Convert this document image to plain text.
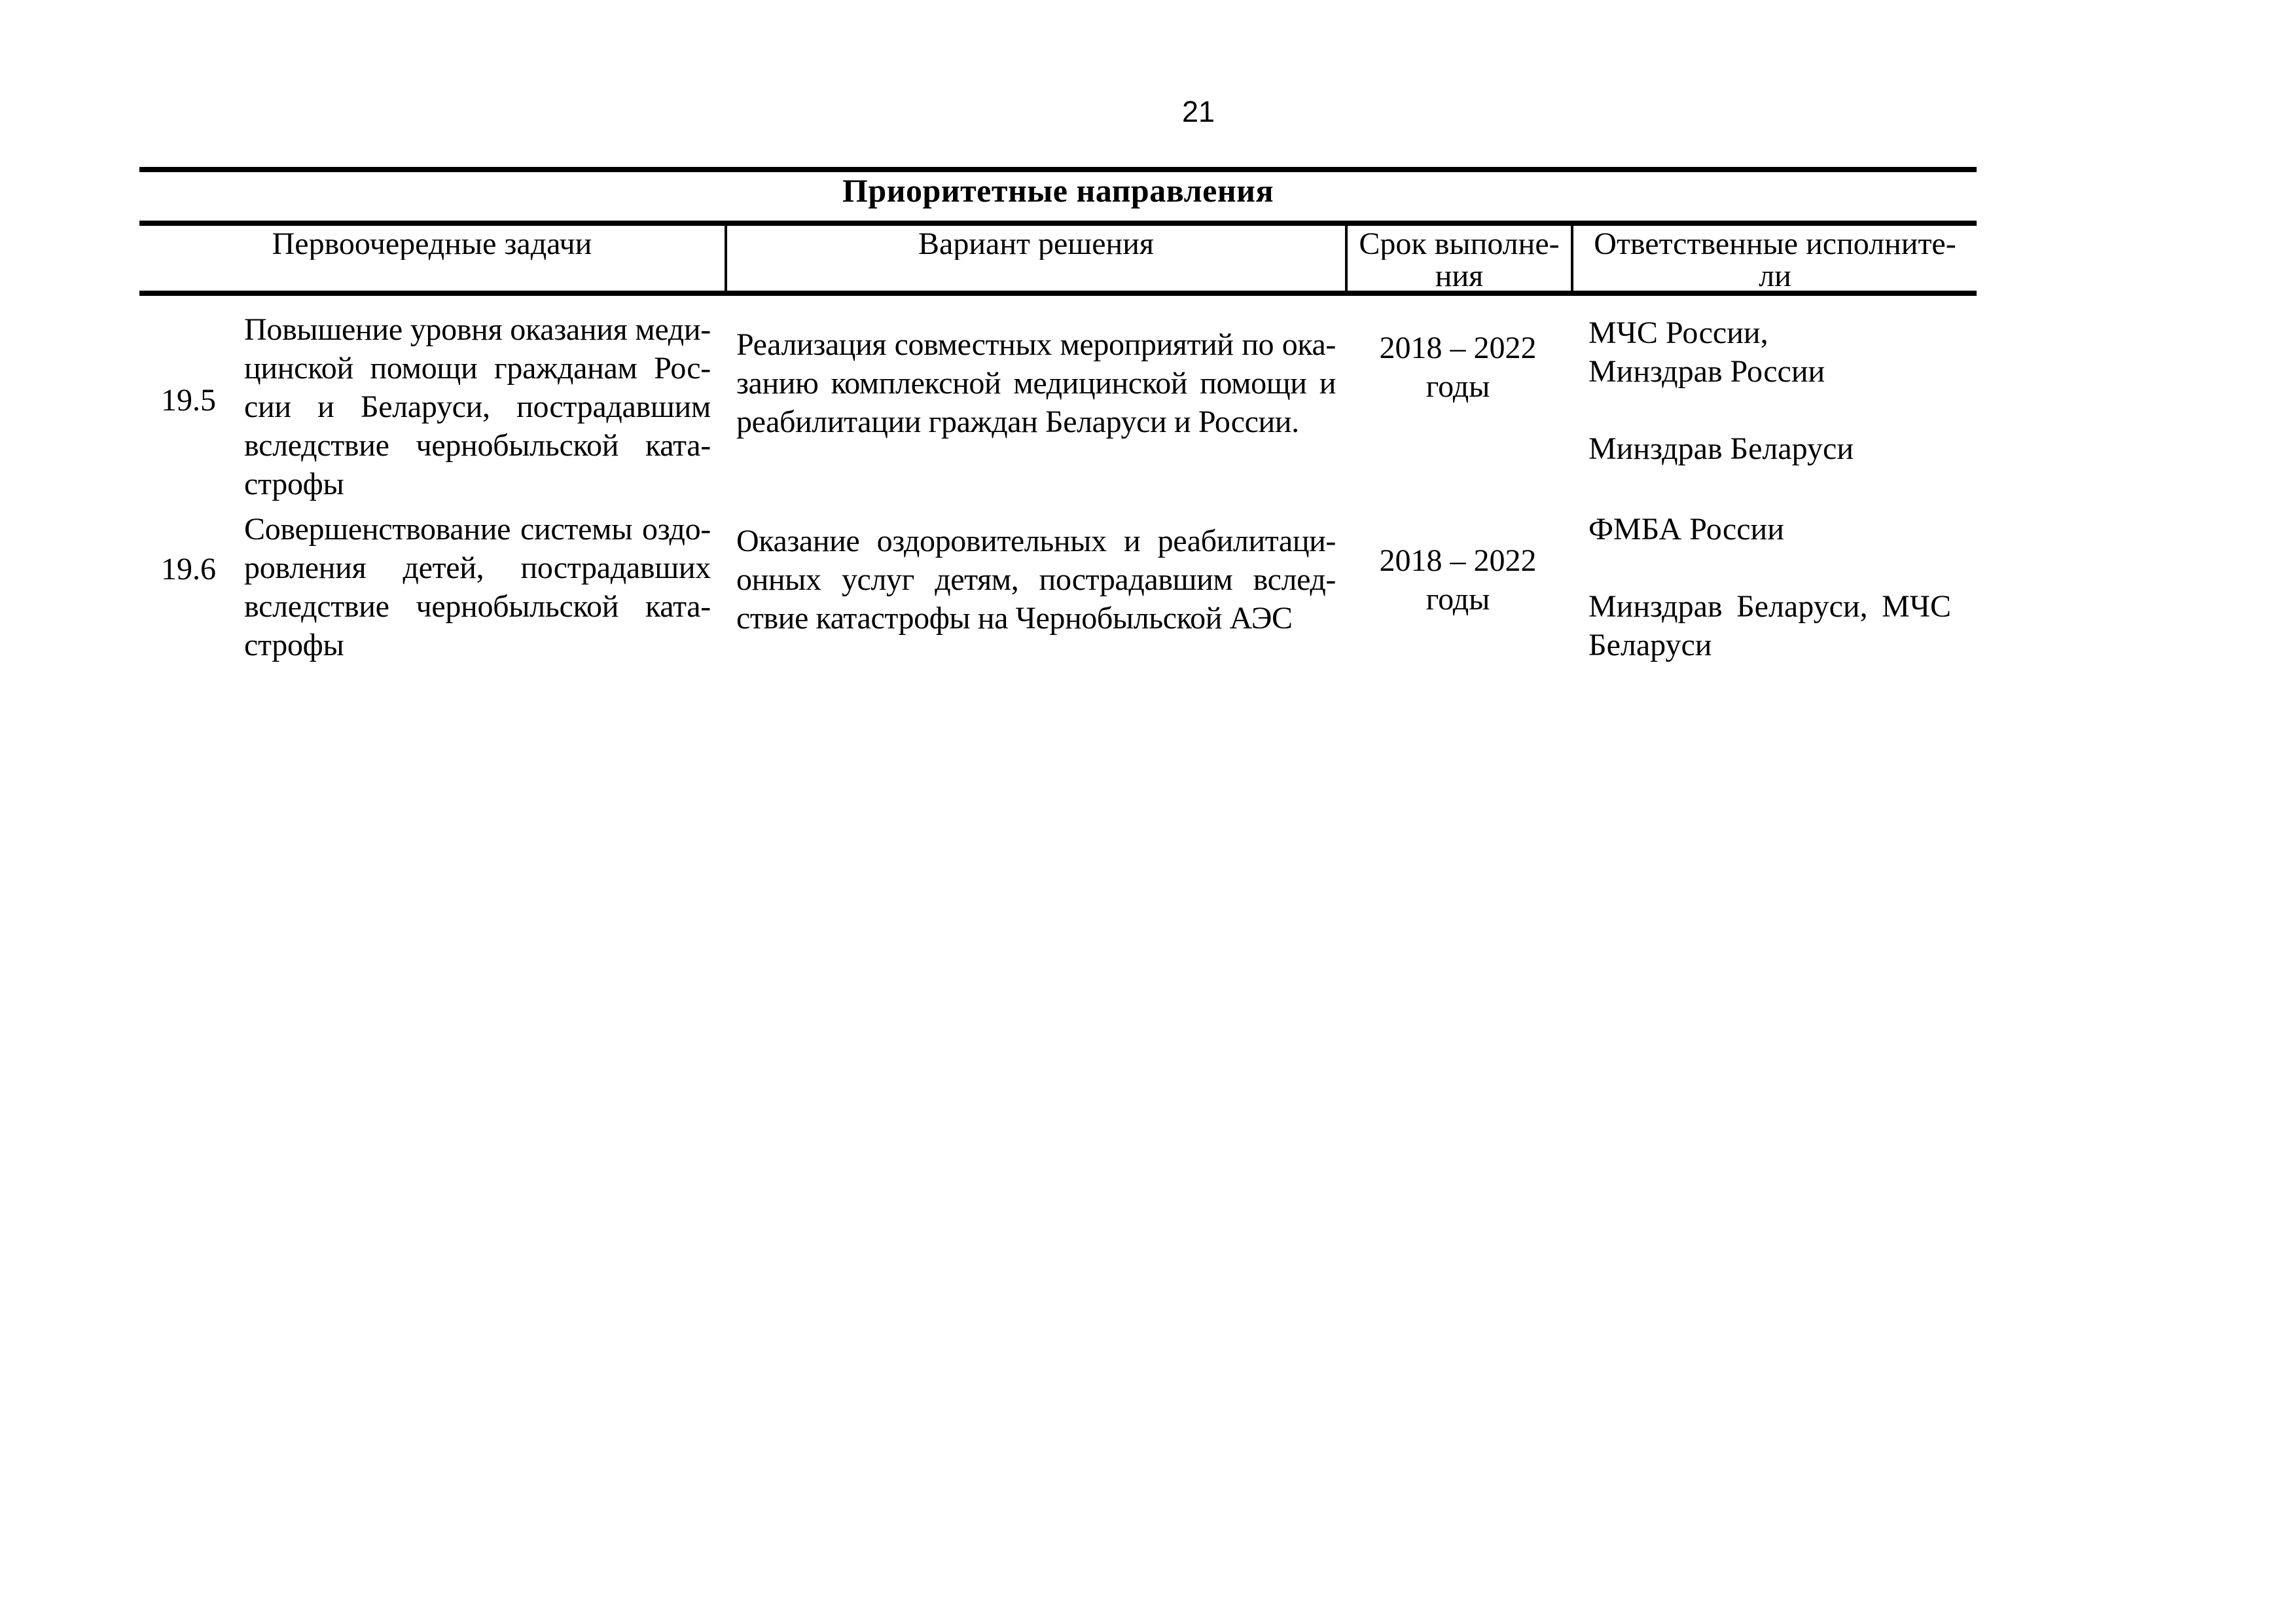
21
Приоритетные направления
Первоочередные задачи	Вариант решения	Срок выполне-
ния
Ответственные исполните-
ли
19.5
Повышение уровня оказания меди-
цинской помощи гражданам Рос-
сии и Беларуси, пострадавшим
вследствие чернобыльской ката-
строфы
Реализация совместных мероприятий по ока-
занию комплексной медицинской помощи и
реабилитации граждан Беларуси и России.
2018 – 2022
годы
МЧС России,
Минздрав России

Минздрав Беларуси
19.6
Совершенствование системы оздо-
ровления детей, пострадавших
вследствие чернобыльской ката-
строфы
Оказание оздоровительных и реабилитаци-
онных услуг детям, пострадавшим вслед-
ствие катастрофы на Чернобыльской АЭС
2018 – 2022
годы
ФМБА России

Минздрав Беларуси, МЧС
Беларуси
